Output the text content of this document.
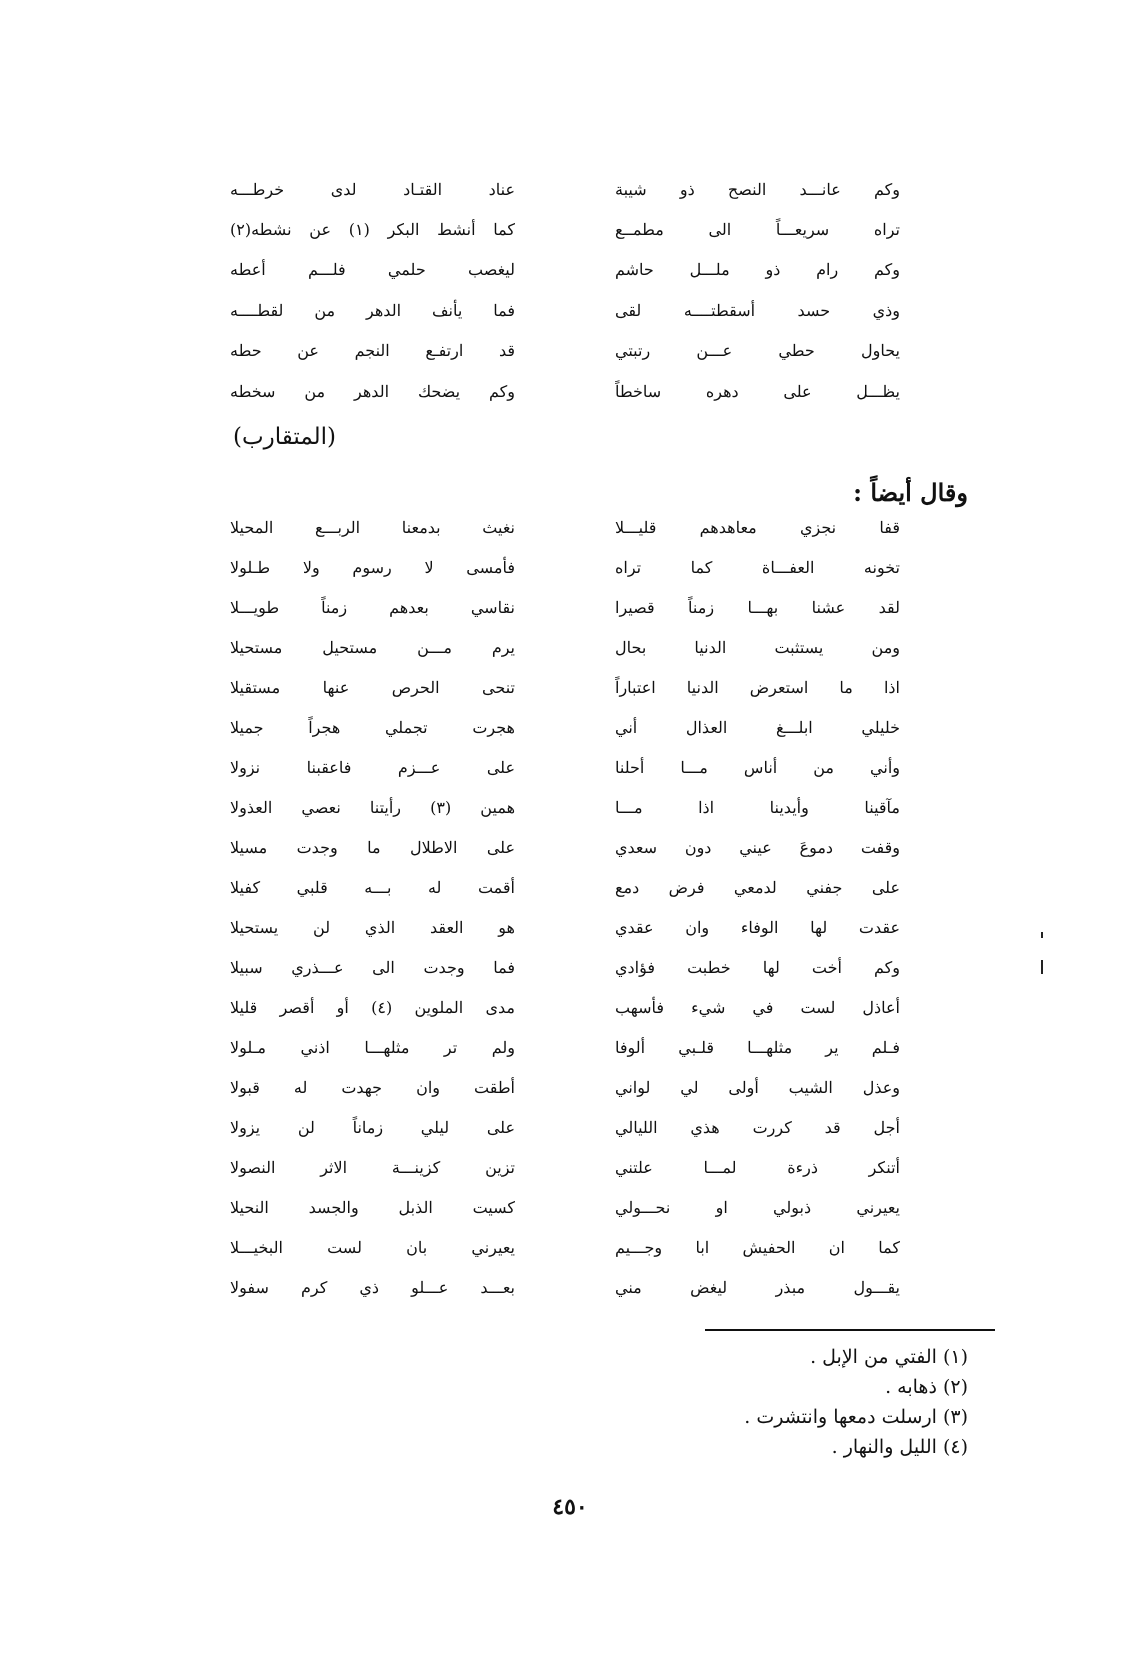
وكم عانـــد النصح ذو شيبة
عناد القتـاد لدى خرطـــه
تراه سريعـــاً الى مطمــع
كما أنشط البكر (١) عن نشطه(٢)
وكم رام ذو ملـــل حاشم
ليغصب حلمي فلـــم أعطه
وذي حسد أسقطتــــه لقى
فما يأنف الدهر من لقطــــه
يحاول حطي عـــن رتبتي
قد ارتفـع النجم عن حطه
يظـــل على دهره ساخطاً
وكم يضحك الدهر من سخطه
(المتقارب)
وقال أيضاً :
قفا نجزي معاهدهم قليـــلا
نغيث بدمعنا الربـــع المحيلا
تخونه العفـــاة كما تراه
فأمسى لا رسوم ولا طـلولا
لقد عشنا بهـــا زمناً قصيرا
نقاسي بعدهم زمناً طويـــلا
ومن يستثبت الدنيا بحال
يرم مـــن مستحيل مستحيلا
اذا ما استعرض الدنيا اعتباراً
تنحى الحرص عنها مستقيلا
خليلي ابلـــغ العذال أني
هجرت تجملي هجراً جميلا
وأني من أناس مـــا أحلنا
على عـــزم فاعقبنا نزولا
مآقينا وأيدينا اذا مـــا
همين (٣) رأيتنا نعصي العذولا
وقفت دموعَ عيني دون سعدي
على الاطلال ما وجدت مسيلا
على جفني لدمعي فرض دمع
أقمت له بـــه قلبي كفيلا
عقدت لها الوفاء وان عقدي
هو العقد الذي لن يستحيلا
وكم أخت لها خطبت فؤادي
فما وجدت الى عـــذري سبيلا
أعاذل لست في شيء فأسهب
مدى الملوين (٤) أو أقصر قليلا
فـلم ير مثلهـــا قلـبي ألوفا
ولم تر مثلهـــا اذني مـلولا
وعذل الشيب أولى لي لواني
أطقت وان جهدت له قبولا
أجل قد كررت هذي الليالي
على ليلي زماناً لن يزولا
أتنكر ذرءة لمـــا علتني
تزين كزينـــة الاثر النصولا
يعيرني ذبولي او نحـــولي
كسيت الذبل والجسد النحيلا
كما ان الحفيش ابا وجـــيم
يعيرني بان لست البخيـــلا
يقـــول مبذر ليغض مني
بعـــد عـــلو ذي كرم سفولا
(١) الفتي من الإبل .
(٢) ذهابه .
(٣) ارسلت دمعها وانتشرت .
(٤) الليل والنهار .
٤٥٠
